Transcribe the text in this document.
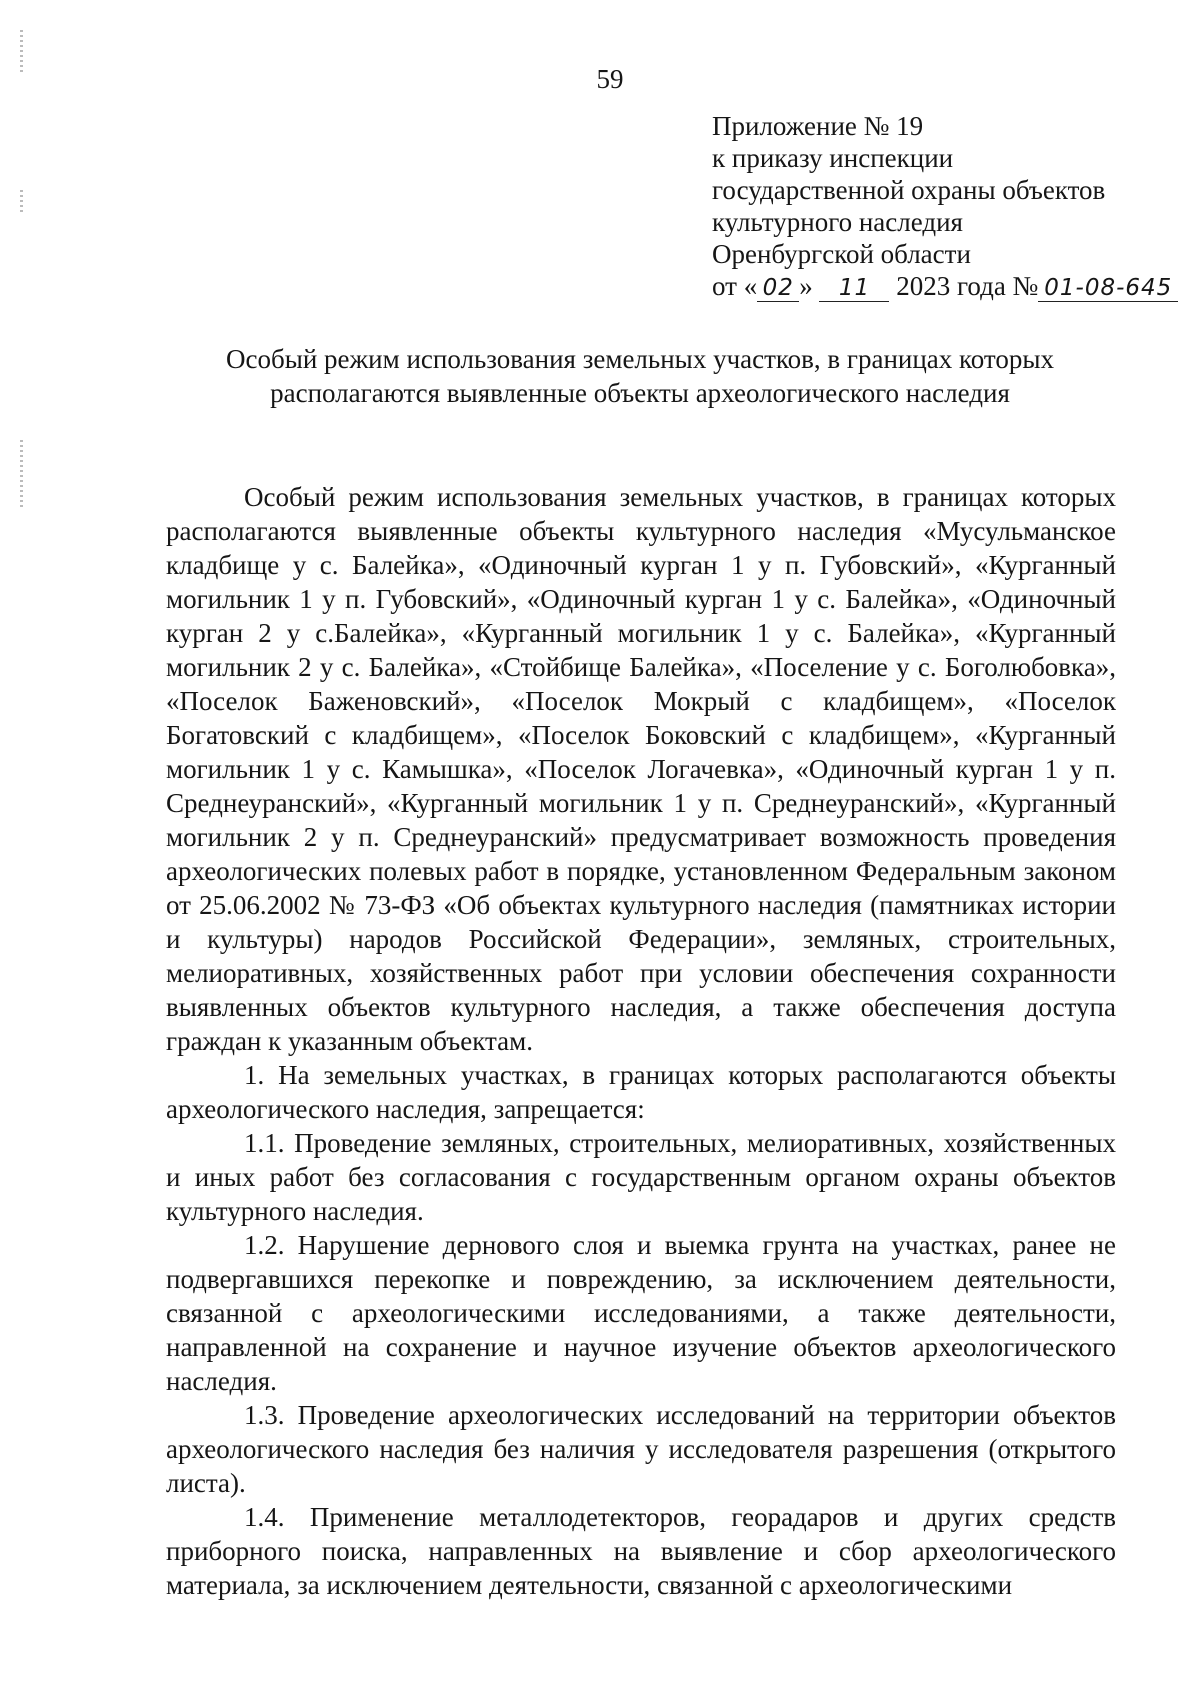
59
Приложение № 19
к приказу инспекции
государственной охраны объектов
культурного наследия
Оренбургской области
от « 02 » 11 2023 года № 01-08-645
Особый режим использования земельных участков, в границах которых
располагаются выявленные объекты археологического наследия

Особый режим использования земельных участков, в границах которых располагаются выявленные объекты культурного наследия «Мусульманское кладбище у с. Балейка», «Одиночный курган 1 у п. Губовский», «Курганный могильник 1 у п. Губовский», «Одиночный курган 1 у с. Балейка», «Одиночный курган 2 у с.Балейка», «Курганный могильник 1 у с. Балейка», «Курганный могильник 2 у с. Балейка», «Стойбище Балейка», «Поселение у с. Боголюбовка», «Поселок Баженовский», «Поселок Мокрый с кладбищем», «Поселок Богатовский с кладбищем», «Поселок Боковский с кладбищем», «Курганный могильник 1 у с. Камышка», «Поселок Логачевка», «Одиночный курган 1 у п. Среднеуранский», «Курганный могильник 1 у п. Среднеуранский», «Курганный могильник 2 у п. Среднеуранский» предусматривает возможность проведения археологических полевых работ в порядке, установленном Федеральным законом от 25.06.2002 № 73-ФЗ «Об объектах культурного наследия (памятниках истории и культуры) народов Российской Федерации», земляных, строительных, мелиоративных, хозяйственных работ при условии обеспечения сохранности выявленных объектов культурного наследия, а также обеспечения доступа граждан к указанным объектам.

1. На земельных участках, в границах которых располагаются объекты археологического наследия, запрещается:

1.1. Проведение земляных, строительных, мелиоративных, хозяйственных и иных работ без согласования с государственным органом охраны объектов культурного наследия.

1.2. Нарушение дернового слоя и выемка грунта на участках, ранее не подвергавшихся перекопке и повреждению, за исключением деятельности, связанной с археологическими исследованиями, а также деятельности, направленной на сохранение и научное изучение объектов археологического наследия.

1.3. Проведение археологических исследований на территории объектов археологического наследия без наличия у исследователя разрешения (открытого листа).

1.4. Применение металлодетекторов, георадаров и других средств приборного поиска, направленных на выявление и сбор археологического материала, за исключением деятельности, связанной с археологическими
